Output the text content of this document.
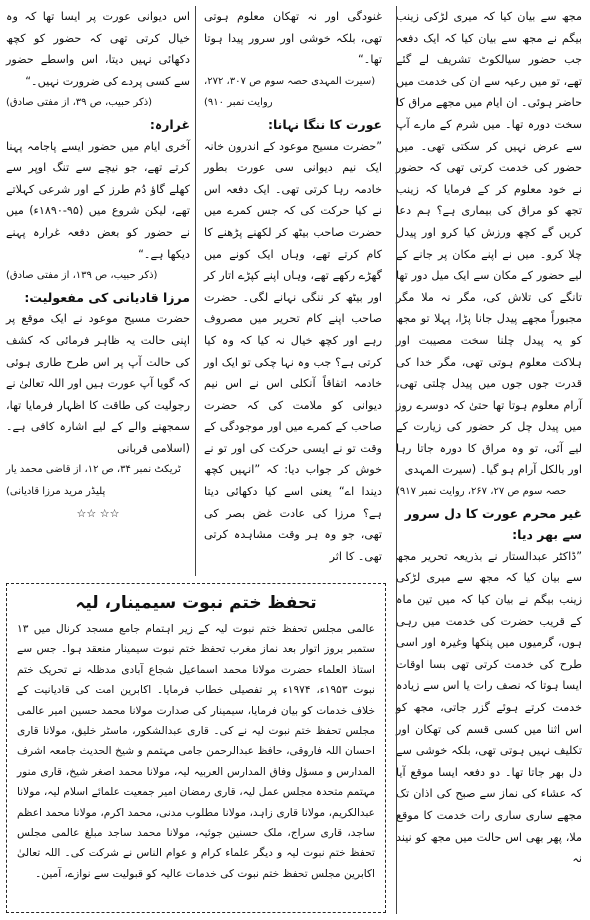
مجھ سے بیان کیا کہ میری لڑکی زینب بیگم نے مجھ سے بیان کیا کہ ایک دفعہ جب حضور سیالکوٹ تشریف لے گئے تھے، تو میں رعیہ سے ان کی خدمت میں حاضر ہوئی۔ ان ایام میں مجھے مراق کا سخت دورہ تھا۔ میں شرم کے مارے آپ سے عرض نہیں کر سکتی تھی۔ میں حضور کی خدمت کرتی تھی کہ حضور نے خود معلوم کر کے فرمایا کہ زینب تجھ کو مراق کی بیماری ہے؟ ہم دعا کریں گے کچھ ورزش کیا کرو اور پیدل چلا کرو۔ میں نے اپنے مکان پر جانے کے لیے حضور کے مکان سے ایک میل دور تھا تانگے کی تلاش کی، مگر نہ ملا مگر مجبوراً مجھے پیدل جانا پڑا، پہلا تو مجھ کو یہ پیدل چلنا سخت مصیبت اور ہلاکت معلوم ہوتی تھی، مگر خدا کی قدرت جوں جوں میں پیدل چلتی تھی، آرام معلوم ہوتا تھا حتیٰ کہ دوسرے روز میں پیدل چل کر حضور کی زیارت کے لیے آئی، تو وہ مراق کا دورہ جاتا رہا اور بالکل آرام ہو گیا۔ (سیرت المہدی

حصہ سوم ص ۲۷، ۲۶۷، روایت نمبر ۹۱۷)

غیر محرم عورت کا دل سرور سے بھر دیا:

”ڈاکٹر عبدالستار نے بذریعہ تحریر مجھ سے بیان کیا کہ مجھ سے میری لڑکی زینب بیگم نے بیان کیا کہ میں تین ماہ کے قریب حضرت کی خدمت میں رہی ہوں، گرمیوں میں پنکھا وغیرہ اور اسی طرح کی خدمت کرتی تھی بسا اوقات ایسا ہوتا کہ نصف رات یا اس سے زیادہ خدمت کرتے ہوئے گزر جاتی، مجھ کو اس اثنا میں کسی قسم کی تھکان اور تکلیف نہیں ہوتی تھی، بلکہ خوشی سے دل بھر جاتا تھا۔ دو دفعہ ایسا موقع آیا کہ عشاء کی نماز سے صبح کی اذان تک مجھے ساری ساری رات خدمت کا موقع ملا، پھر بھی اس حالت میں مجھ کو نیند نہ

غنودگی اور نہ تھکان معلوم ہوتی تھی، بلکہ خوشی اور سرور پیدا ہوتا تھا۔“

(سیرت المہدی حصہ سوم ص ۳۰۷، ۲۷۲، روایت نمبر ۹۱۰)

عورت کا ننگا نہانا:

”حضرت مسیح موعود کے اندرون خانہ ایک نیم دیوانی سی عورت بطور خادمہ رہا کرتی تھی۔ ایک دفعہ اس نے کیا حرکت کی کہ جس کمرے میں حضرت صاحب بیٹھ کر لکھنے پڑھنے کا کام کرتے تھے، وہاں ایک کونے میں گھڑے رکھے تھے، وہاں اپنے کپڑے اتار کر اور بیٹھ کر ننگی نہانے لگی۔ حضرت صاحب اپنے کام تحریر میں مصروف رہے اور کچھ خیال نہ کیا کہ وہ کیا کرتی ہے؟ جب وہ نہا چکی تو ایک اور خادمہ اتفاقاً آنکلی اس نے اس نیم دیوانی کو ملامت کی کہ حضرت صاحب کے کمرے میں اور موجودگی کے وقت تو نے ایسی حرکت کی اور تو نے خوش کر جواب دیا: کہ ”انہیں کچھ دیندا اے“ یعنی اسے کیا دکھائی دیتا ہے؟ مرزا کی عادت غض بصر کی تھی، جو وہ ہر وقت مشاہدہ کرتی تھی۔ کا اثر

اس دیوانی عورت پر ایسا تھا کہ وہ خیال کرتی تھی کہ حضور کو کچھ دکھائی نہیں دیتا، اس واسطے حضور سے کسی پردے کی ضرورت نہیں۔“

(ذکر حبیب، ص ۳۹، از مفتی صادق)

غرارہ:

آخری ایام میں حضور ایسے پاجامہ پہنا کرتے تھے، جو نیچے سے تنگ اوپر سے کھلے گاؤ دُم طرز کے اور شرعی کہلاتے تھے، لیکن شروع میں (۹۵-۱۸۹۰ء) میں نے حضور کو بعض دفعہ غرارہ پہنے دیکھا ہے۔“

(ذکر حبیب، ص ۱۳۹، از مفتی صادق)

مرزا قادیانی کی مفعولیت:

حضرت مسیح موعود نے ایک موقع پر اپنی حالت یہ ظاہر فرمائی کہ کشف کی حالت آپ پر اس طرح طاری ہوئی کہ گویا آپ عورت ہیں اور اللہ تعالیٰ نے رجولیت کی طاقت کا اظہار فرمایا تھا، سمجھنے والے کے لیے اشارہ کافی ہے۔ (اسلامی قربانی

ٹریکٹ نمبر ۳۴، ص ۱۲، از قاضی محمد یار پلیڈر مرید مرزا قادیانی)

☆☆ ☆☆

تحفظ ختم نبوت سیمینار، لیہ

عالمی مجلس تحفظ ختم نبوت لیہ کے زیر اہتمام جامع مسجد کرنال میں ۱۳ ستمبر بروز اتوار بعد نماز مغرب تحفظ ختم نبوت سیمینار منعقد ہوا۔ جس سے استاذ العلماء حضرت مولانا محمد اسماعیل شجاع آبادی مدظلہ نے تحریک ختم نبوت ۱۹۵۳ء، ۱۹۷۴ء پر تفصیلی خطاب فرمایا۔ اکابرین امت کی قادیانیت کے خلاف خدمات کو بیان فرمایا، سیمینار کی صدارت مولانا محمد حسین امیر عالمی مجلس تحفظ ختم نبوت لیہ نے کی۔ قاری عبدالشکور، ماسٹر خلیق، مولانا قاری احسان اللہ فاروقی، حافظ عبدالرحمن جامی مہتمم و شیخ الحدیث جامعہ اشرف المدارس و مسؤل وفاق المدارس العربیہ لیہ، مولانا محمد اصغر شیخ، قاری منور مہتمم متحدہ مجلس عمل لیہ، قاری رمضان امیر جمعیت علمائے اسلام لیہ، مولانا عبدالکریم، مولانا قاری زاہد، مولانا مطلوب مدنی، محمد اکرم، مولانا محمد اعظم ساجد، قاری سراج، ملک حسنین جوئیہ، مولانا محمد ساجد مبلغ عالمی مجلس تحفظ ختم نبوت لیہ و دیگر علماء کرام و عوام الناس نے شرکت کی۔ اللہ تعالیٰ اکابرین مجلس تحفظ ختم نبوت کی خدمات عالیہ کو قبولیت سے نوازے، آمین۔
